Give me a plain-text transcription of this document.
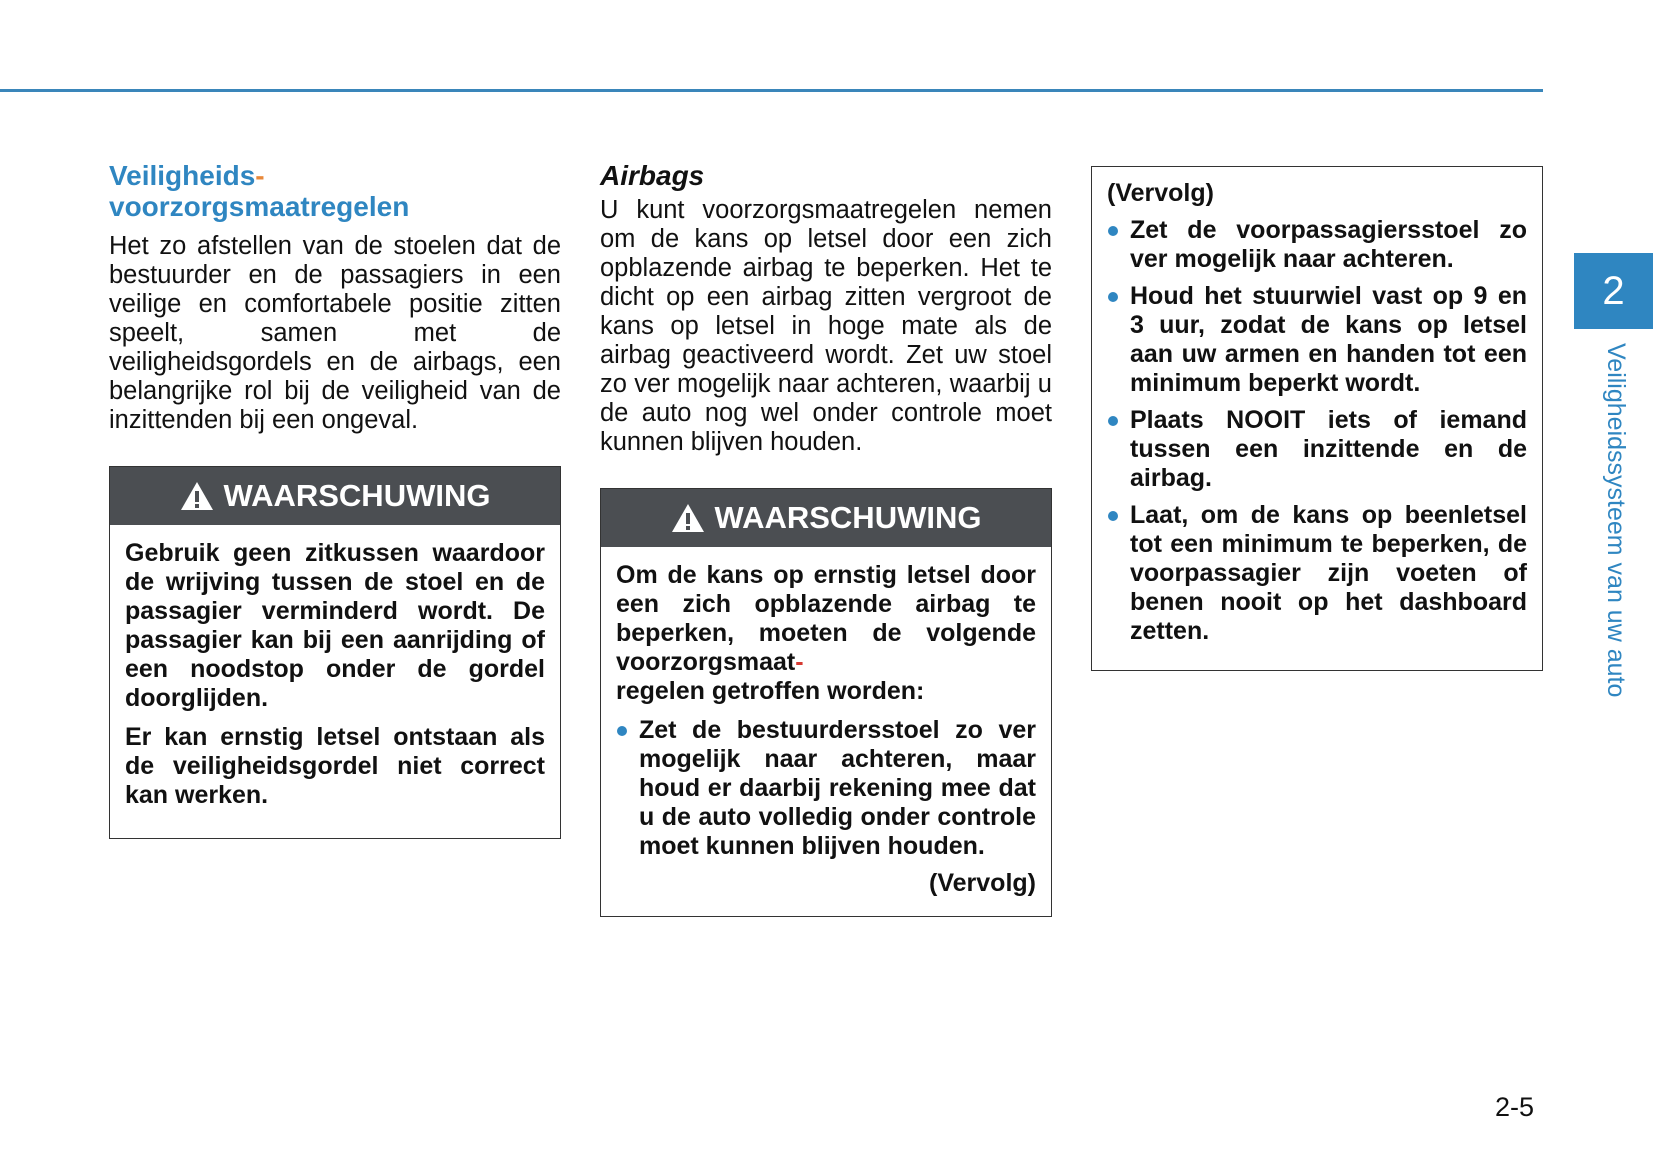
Veiligheids-
voorzorgsmaatregelen

Het zo afstellen van de stoelen dat de bestuurder en de passagiers in een veilige en comfortabele positie zitten speelt, samen met de veiligheidsgordels en de airbags, een belangrijke rol bij de veiligheid van de inzittenden bij een ongeval.

WAARSCHUWING

Gebruik geen zitkussen waardoor de wrijving tussen de stoel en de passagier verminderd wordt. De passagier kan bij een aanrijding of een noodstop onder de gordel doorglijden.

Er kan ernstig letsel ontstaan als de veiligheidsgordel niet correct kan werken.

Airbags

U kunt voorzorgsmaatregelen nemen om de kans op letsel door een zich opblazende airbag te beperken. Het te dicht op een airbag zitten vergroot de kans op letsel in hoge mate als de airbag geactiveerd wordt. Zet uw stoel zo ver mogelijk naar achteren, waarbij u de auto nog wel onder controle moet kunnen blijven houden.

WAARSCHUWING

Om de kans op ernstig letsel door een zich opblazende airbag te beperken, moeten de volgende voorzorgsmaat-
regelen getroffen worden:

Zet de bestuurdersstoel zo ver mogelijk naar achteren, maar houd er daarbij rekening mee dat u de auto volledig onder controle moet kunnen blijven houden.

(Vervolg)

(Vervolg)

Zet de voorpassagiersstoel zo ver mogelijk naar achteren.
Houd het stuurwiel vast op 9 en 3 uur, zodat de kans op letsel aan uw armen en handen tot een minimum beperkt wordt.
Plaats NOOIT iets of iemand tussen een inzittende en de airbag.
Laat, om de kans op beenletsel tot een minimum te beperken, de voorpassagier zijn voeten of benen nooit op het dashboard zetten.
2
Veiligheidssysteem van uw auto
2-5
